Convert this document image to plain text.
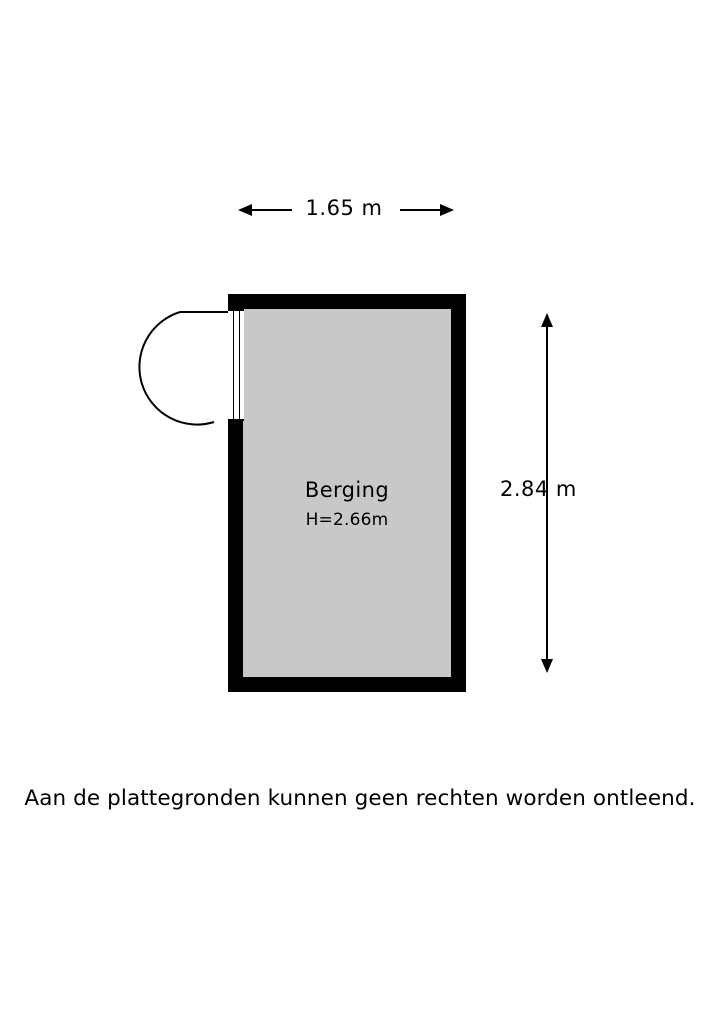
1.65 m
2.84 m
Berging
H=2.66m
Aan de plattegronden kunnen geen rechten worden ontleend.
